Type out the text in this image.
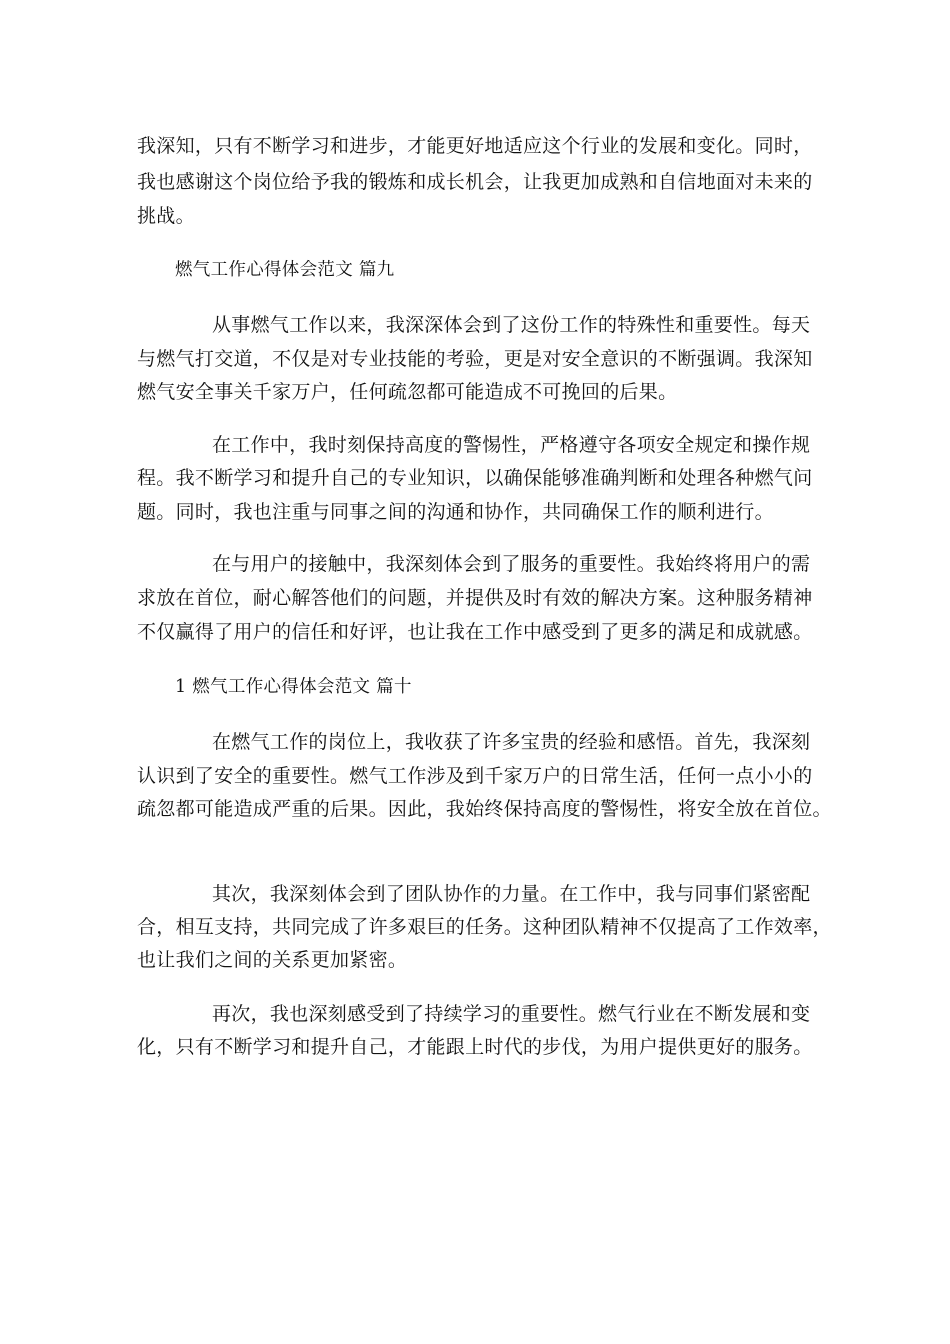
我深知，只有不断学习和进步，才能更好地适应这个行业的发展和变化。同时，

我也感谢这个岗位给予我的锻炼和成长机会，让我更加成熟和自信地面对未来的

挑战。

燃气工作心得体会范文 篇九

从事燃气工作以来，我深深体会到了这份工作的特殊性和重要性。每天

与燃气打交道，不仅是对专业技能的考验，更是对安全意识的不断强调。我深知

燃气安全事关千家万户，任何疏忽都可能造成不可挽回的后果。

在工作中，我时刻保持高度的警惕性，严格遵守各项安全规定和操作规

程。我不断学习和提升自己的专业知识，以确保能够准确判断和处理各种燃气问

题。同时，我也注重与同事之间的沟通和协作，共同确保工作的顺利进行。

在与用户的接触中，我深刻体会到了服务的重要性。我始终将用户的需

求放在首位，耐心解答他们的问题，并提供及时有效的解决方案。这种服务精神

不仅赢得了用户的信任和好评，也让我在工作中感受到了更多的满足和成就感。

1 燃气工作心得体会范文 篇十

在燃气工作的岗位上，我收获了许多宝贵的经验和感悟。首先，我深刻

认识到了安全的重要性。燃气工作涉及到千家万户的日常生活，任何一点小小的

疏忽都可能造成严重的后果。因此，我始终保持高度的警惕性，将安全放在首位。

其次，我深刻体会到了团队协作的力量。在工作中，我与同事们紧密配

合，相互支持，共同完成了许多艰巨的任务。这种团队精神不仅提高了工作效率，

也让我们之间的关系更加紧密。

再次，我也深刻感受到了持续学习的重要性。燃气行业在不断发展和变

化，只有不断学习和提升自己，才能跟上时代的步伐，为用户提供更好的服务。
